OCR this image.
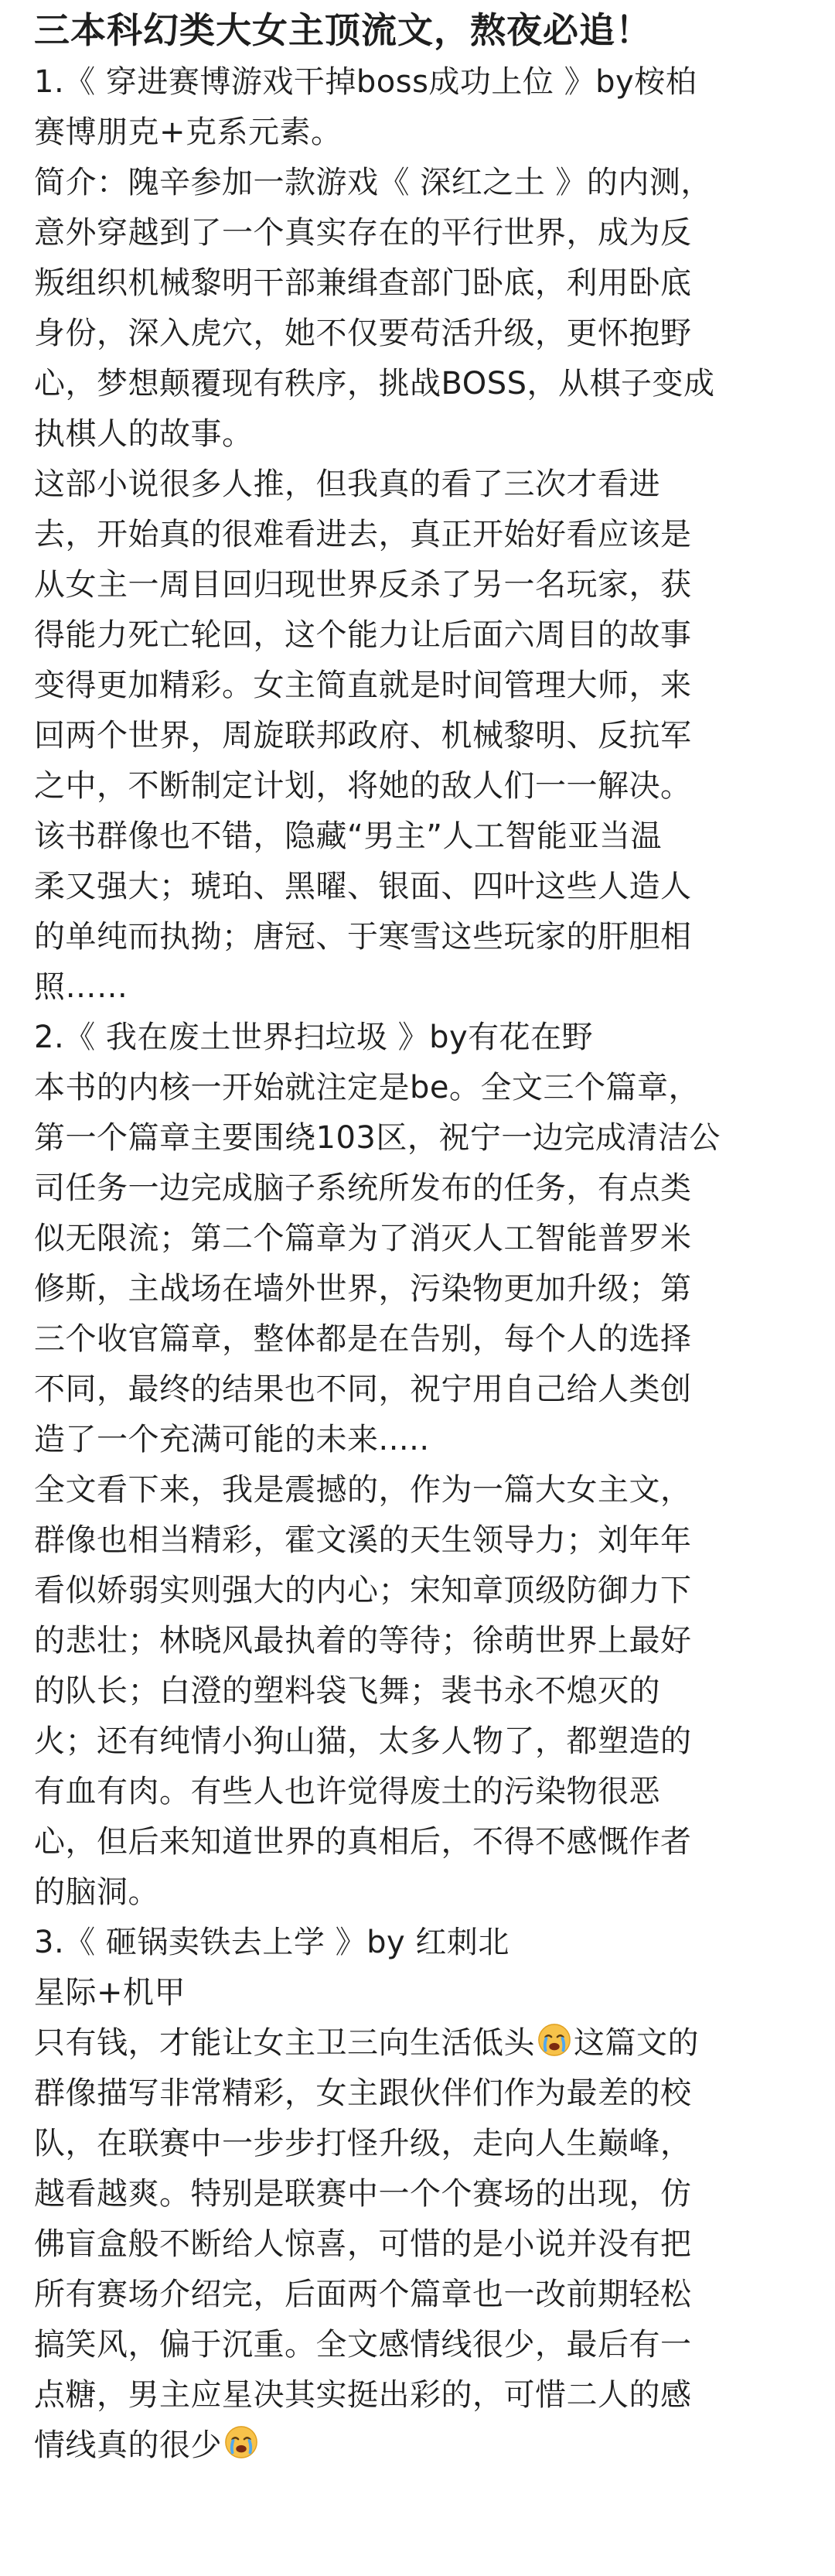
三本科幻类大女主顶流文，熬夜必追！
1.《 穿进赛博游戏干掉boss成功上位 》by桉柏
赛博朋克+克系元素。
简介：隗辛参加一款游戏《 深红之土 》的内测，
意外穿越到了一个真实存在的平行世界，成为反
叛组织机械黎明干部兼缉查部门卧底，利用卧底
身份，深入虎穴，她不仅要苟活升级，更怀抱野
心，梦想颠覆现有秩序，挑战BOSS，从棋子变成
执棋人的故事。
这部小说很多人推，但我真的看了三次才看进
去，开始真的很难看进去，真正开始好看应该是
从女主一周目回归现世界反杀了另一名玩家，获
得能力死亡轮回，这个能力让后面六周目的故事
变得更加精彩。女主简直就是时间管理大师，来
回两个世界，周旋联邦政府、机械黎明、反抗军
之中，不断制定计划，将她的敌人们一一解决。
该书群像也不错，隐藏“男主”人工智能亚当温
柔又强大；琥珀、黑曜、银面、四叶这些人造人
的单纯而执拗；唐冠、于寒雪这些玩家的肝胆相
照……
2.《 我在废土世界扫垃圾 》by有花在野
本书的内核一开始就注定是be。全文三个篇章，
第一个篇章主要围绕103区，祝宁一边完成清洁公
司任务一边完成脑子系统所发布的任务，有点类
似无限流；第二个篇章为了消灭人工智能普罗米
修斯，主战场在墙外世界，污染物更加升级；第
三个收官篇章，整体都是在告别，每个人的选择
不同，最终的结果也不同，祝宁用自己给人类创
造了一个充满可能的未来.....
全文看下来，我是震撼的，作为一篇大女主文，
群像也相当精彩，霍文溪的天生领导力；刘年年
看似娇弱实则强大的内心；宋知章顶级防御力下
的悲壮；林晓风最执着的等待；徐萌世界上最好
的队长；白澄的塑料袋飞舞；裴书永不熄灭的
火；还有纯情小狗山猫，太多人物了，都塑造的
有血有肉。有些人也许觉得废土的污染物很恶
心，但后来知道世界的真相后，不得不感慨作者
的脑洞。
3.《 砸锅卖铁去上学 》by 红刺北
星际+机甲
只有钱，才能让女主卫三向生活低头 这篇文的
群像描写非常精彩，女主跟伙伴们作为最差的校
队，在联赛中一步步打怪升级，走向人生巅峰，
越看越爽。特别是联赛中一个个赛场的出现，仿
佛盲盒般不断给人惊喜，可惜的是小说并没有把
所有赛场介绍完，后面两个篇章也一改前期轻松
搞笑风，偏于沉重。全文感情线很少，最后有一
点糖，男主应星决其实挺出彩的，可惜二人的感
情线真的很少
